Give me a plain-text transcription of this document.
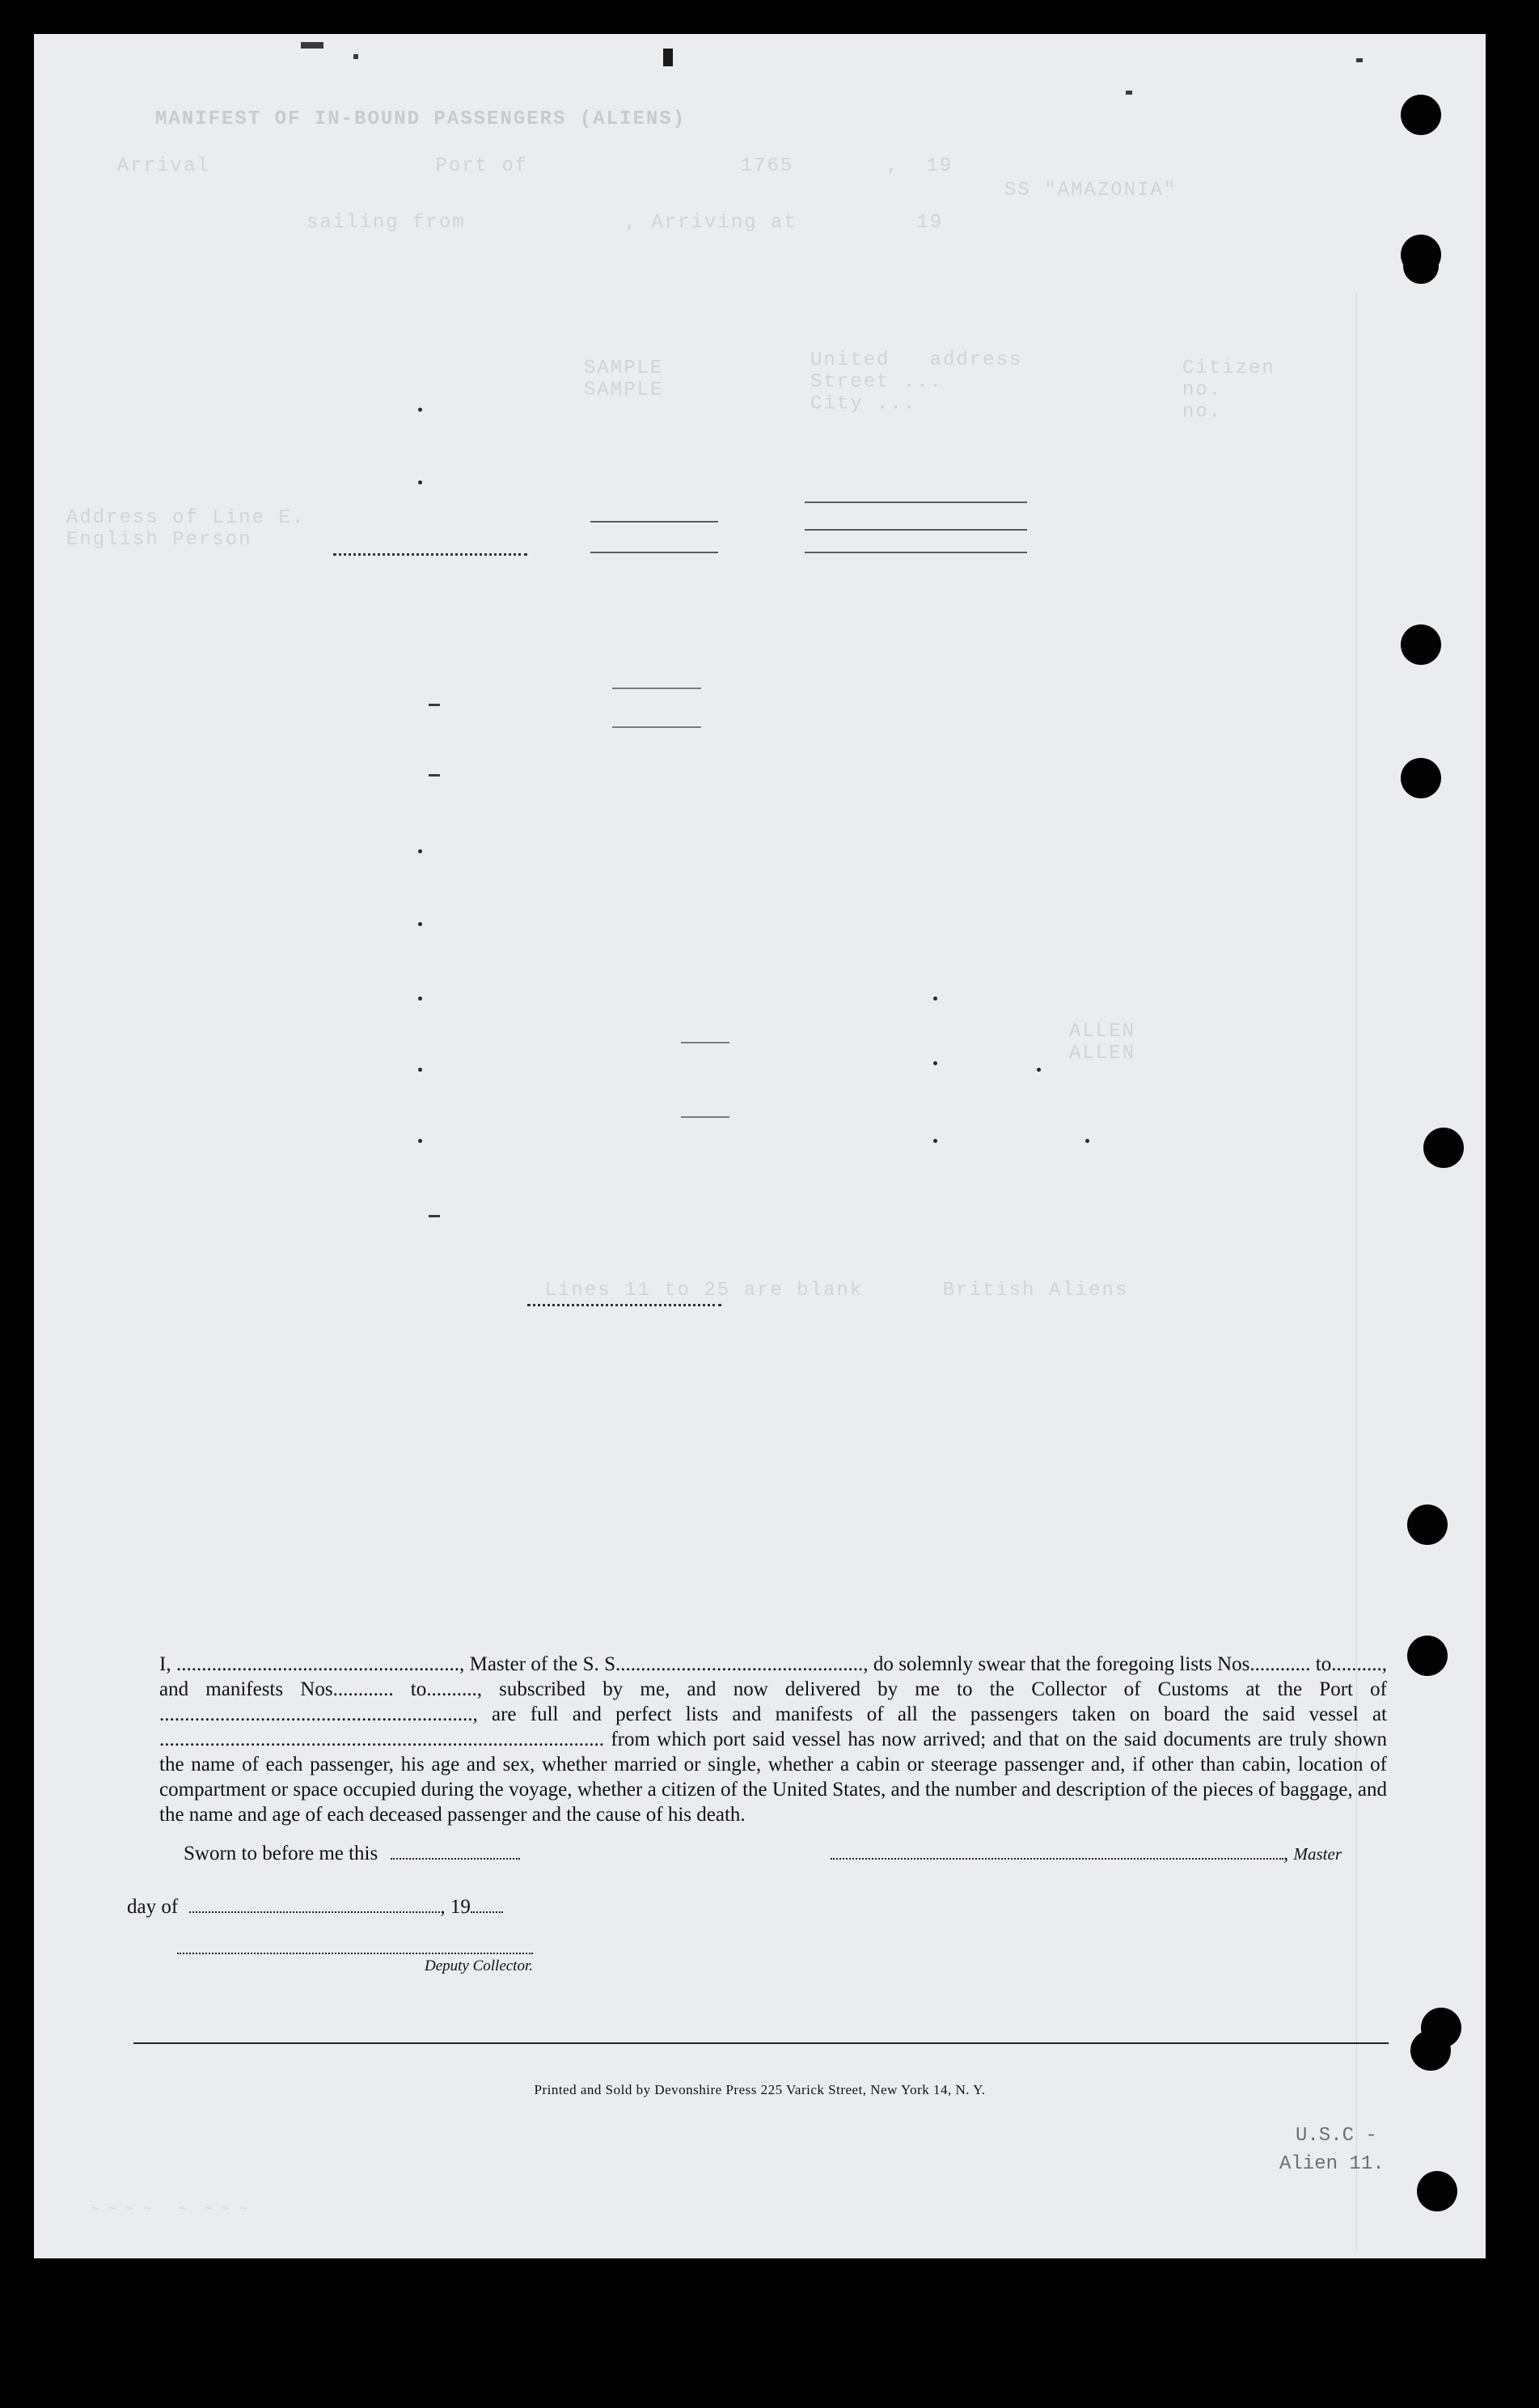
MANIFEST OF IN-BOUND PASSENGERS (ALIENS)
Arrival                 Port of                1765       ,  19
sailing from            , Arriving at         19
SS "AMAZONIA"
SAMPLE
SAMPLE
United   address
Street ...
City ...
Citizen
no.
no.
Address of Line E.
English Person
ALLEN
ALLEN
Lines 11 to 25 are blank      British Aliens

I, ........................................................, Master of the S. S................................................., do solemnly swear that the foregoing lists Nos............ to.........., and manifests Nos............ to.........., subscribed by me, and now delivered by me to the Collector of Customs at the Port of .............................................................., are full and perfect lists and manifests of all the passengers taken on board the said vessel at ........................................................................................ from which port said vessel has now arrived; and that on the said documents are truly shown the name of each passenger, his age and sex, whether married or single, whether a cabin or steerage passenger and, if other than cabin, location of compartment or space occupied during the voyage, whether a citizen of the United States, and the number and description of the pieces of baggage, and the name and age of each deceased passenger and the cause of his death.

Sworn to before me this	, Master
day of	, 19
Deputy Collector.
Printed and Sold by Devonshire Press 225 Varick Street, New York 14, N. Y.
U.S.C -
Alien 11.
~ ~ ~ ~   ~  ~ ~ ~
